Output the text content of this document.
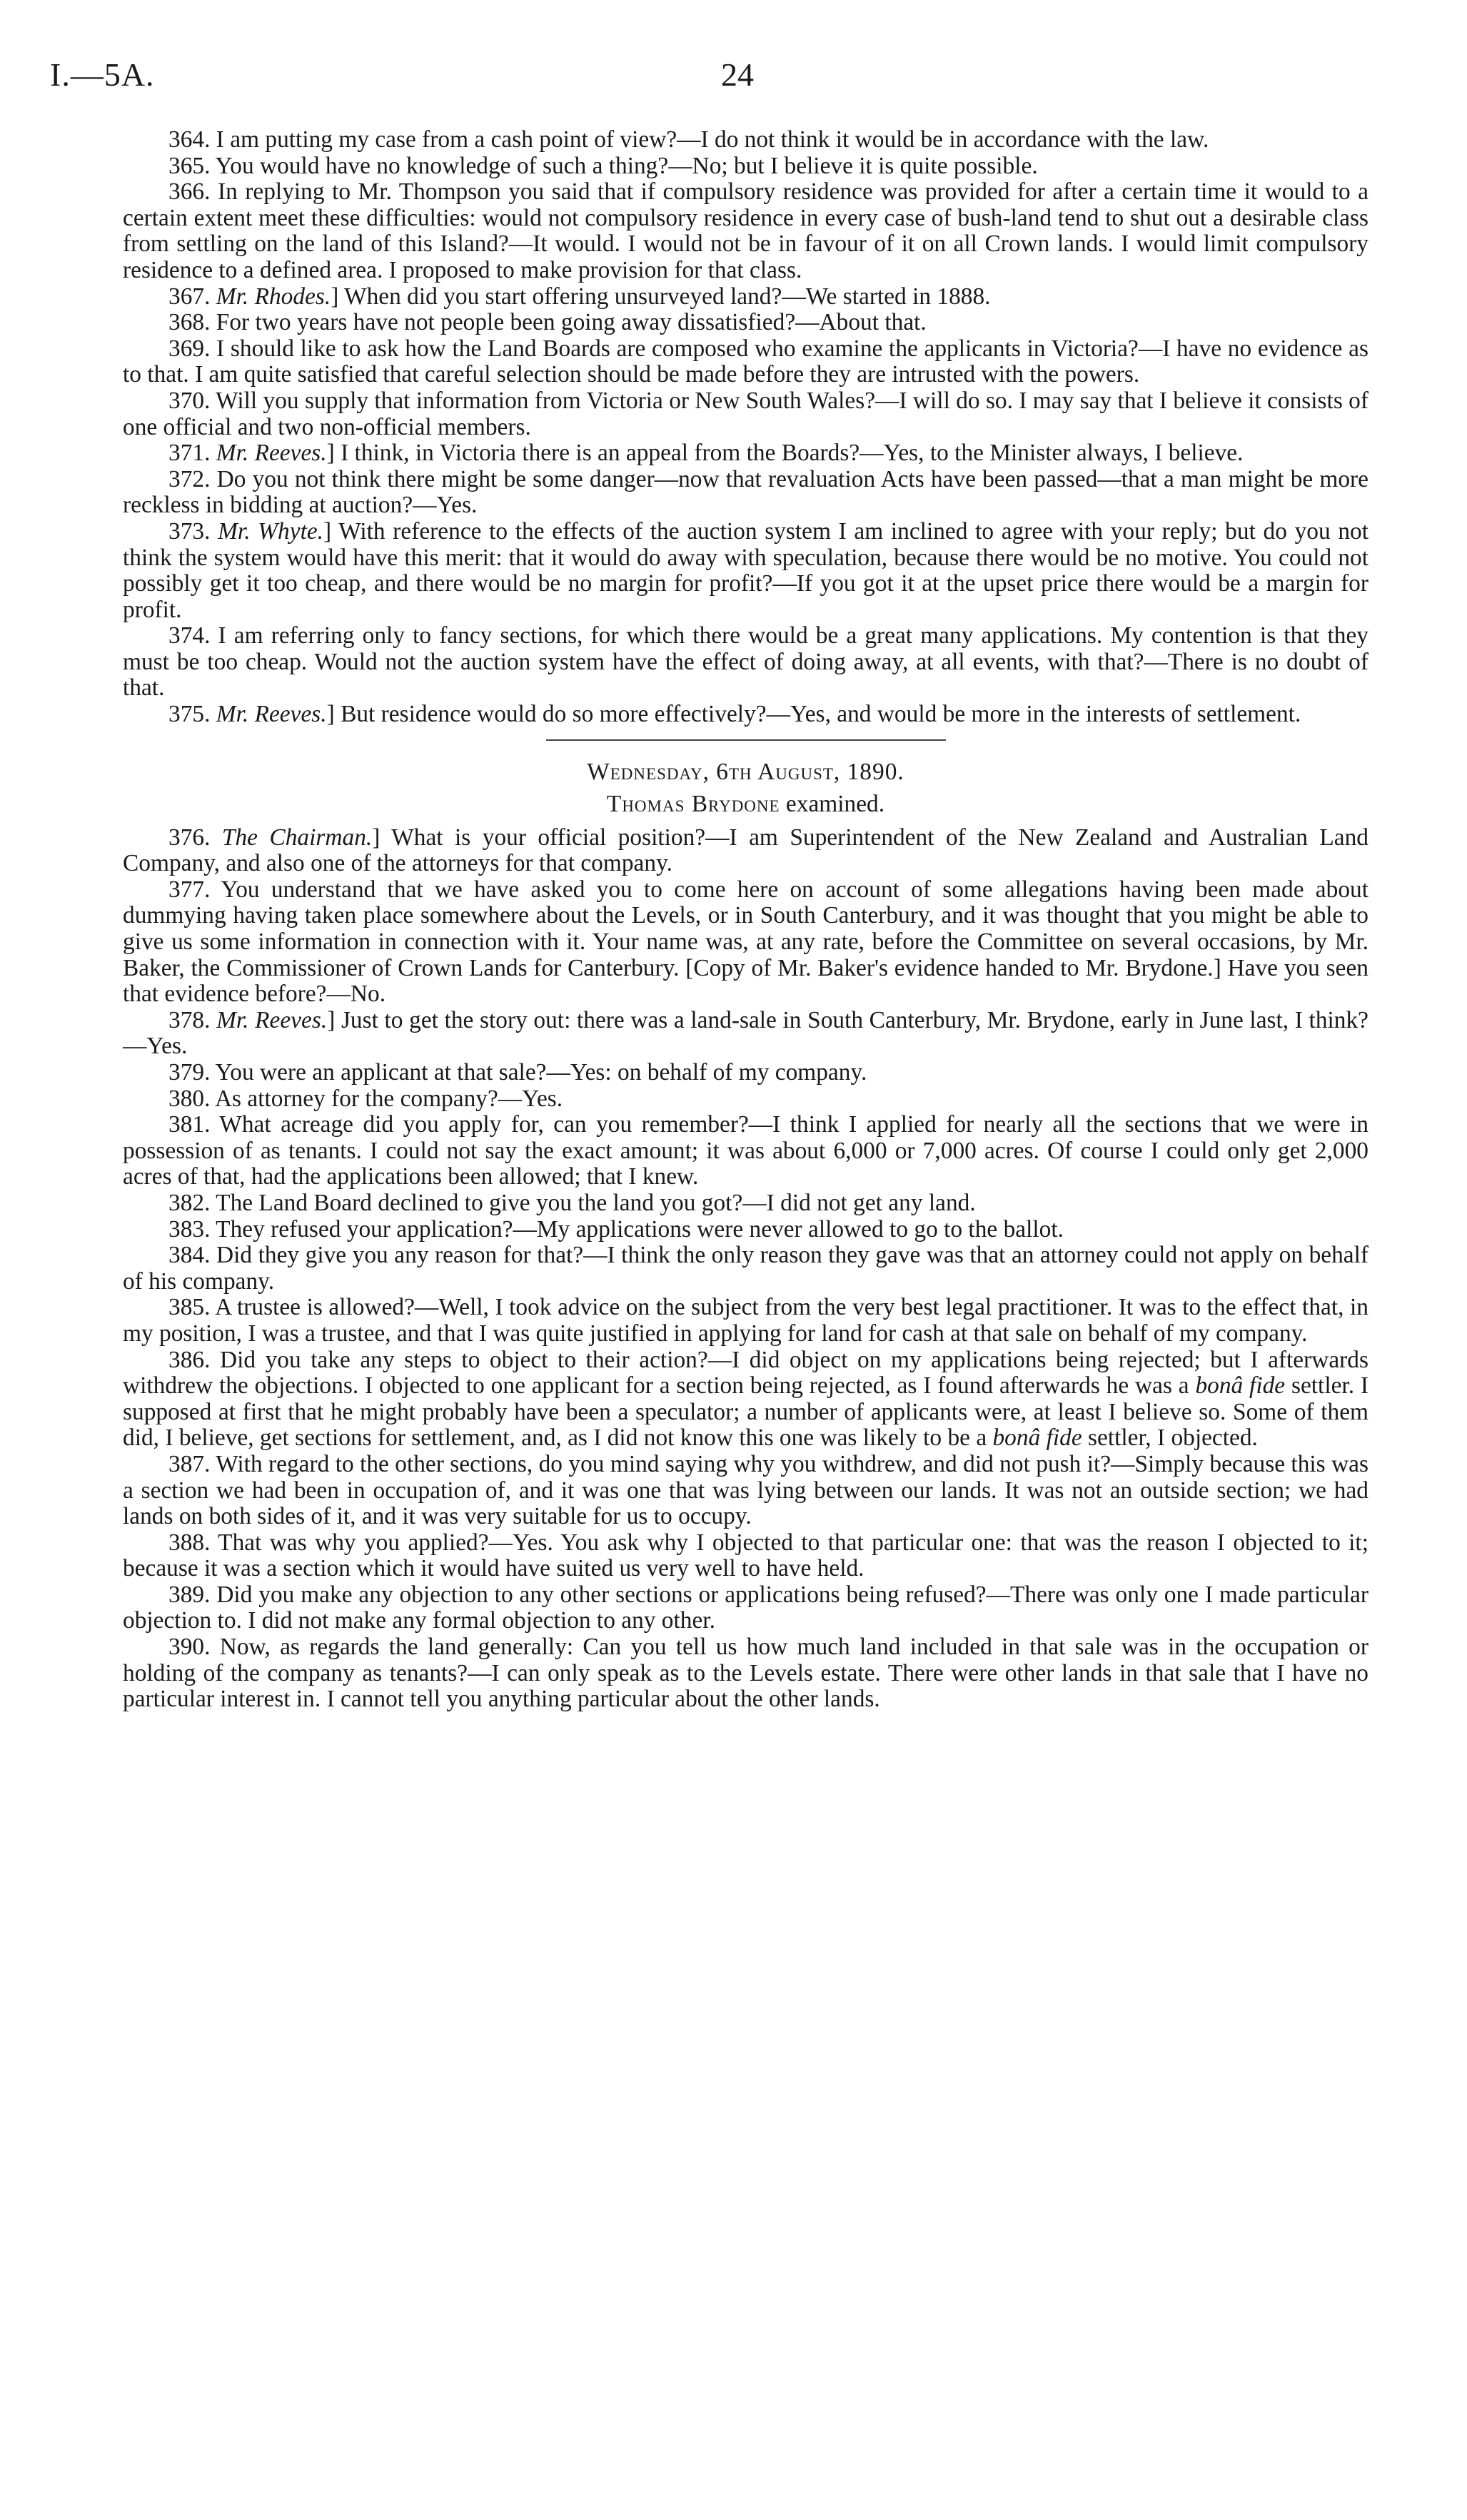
I.—5A.	24

364. I am putting my case from a cash point of view?—I do not think it would be in accordance with the law.

365. You would have no knowledge of such a thing?—No; but I believe it is quite possible.

366. In replying to Mr. Thompson you said that if compulsory residence was provided for after a certain time it would to a certain extent meet these difficulties: would not compulsory residence in every case of bush-land tend to shut out a desirable class from settling on the land of this Island?—It would. I would not be in favour of it on all Crown lands. I would limit compulsory residence to a defined area. I proposed to make provision for that class.

367. Mr. Rhodes.] When did you start offering unsurveyed land?—We started in 1888.

368. For two years have not people been going away dissatisfied?—About that.

369. I should like to ask how the Land Boards are composed who examine the applicants in Victoria?—I have no evidence as to that. I am quite satisfied that careful selection should be made before they are intrusted with the powers.

370. Will you supply that information from Victoria or New South Wales?—I will do so. I may say that I believe it consists of one official and two non-official members.

371. Mr. Reeves.] I think, in Victoria there is an appeal from the Boards?—Yes, to the Minister always, I believe.

372. Do you not think there might be some danger—now that revaluation Acts have been passed—that a man might be more reckless in bidding at auction?—Yes.

373. Mr. Whyte.] With reference to the effects of the auction system I am inclined to agree with your reply; but do you not think the system would have this merit: that it would do away with speculation, because there would be no motive. You could not possibly get it too cheap, and there would be no margin for profit?—If you got it at the upset price there would be a margin for profit.

374. I am referring only to fancy sections, for which there would be a great many applications. My contention is that they must be too cheap. Would not the auction system have the effect of doing away, at all events, with that?—There is no doubt of that.

375. Mr. Reeves.] But residence would do so more effectively?—Yes, and would be more in the interests of settlement.

Wednesday, 6th August, 1890.

Thomas Brydone examined.

376. The Chairman.] What is your official position?—I am Superintendent of the New Zealand and Australian Land Company, and also one of the attorneys for that company.

377. You understand that we have asked you to come here on account of some allegations having been made about dummying having taken place somewhere about the Levels, or in South Canterbury, and it was thought that you might be able to give us some information in connection with it. Your name was, at any rate, before the Committee on several occasions, by Mr. Baker, the Commissioner of Crown Lands for Canterbury. [Copy of Mr. Baker's evidence handed to Mr. Brydone.] Have you seen that evidence before?—No.

378. Mr. Reeves.] Just to get the story out: there was a land-sale in South Canterbury, Mr. Brydone, early in June last, I think?—Yes.

379. You were an applicant at that sale?—Yes: on behalf of my company.

380. As attorney for the company?—Yes.

381. What acreage did you apply for, can you remember?—I think I applied for nearly all the sections that we were in possession of as tenants. I could not say the exact amount; it was about 6,000 or 7,000 acres. Of course I could only get 2,000 acres of that, had the applications been allowed; that I knew.

382. The Land Board declined to give you the land you got?—I did not get any land.

383. They refused your application?—My applications were never allowed to go to the ballot.

384. Did they give you any reason for that?—I think the only reason they gave was that an attorney could not apply on behalf of his company.

385. A trustee is allowed?—Well, I took advice on the subject from the very best legal practitioner. It was to the effect that, in my position, I was a trustee, and that I was quite justified in applying for land for cash at that sale on behalf of my company.

386. Did you take any steps to object to their action?—I did object on my applications being rejected; but I afterwards withdrew the objections. I objected to one applicant for a section being rejected, as I found afterwards he was a bonâ fide settler. I supposed at first that he might probably have been a speculator; a number of applicants were, at least I believe so. Some of them did, I believe, get sections for settlement, and, as I did not know this one was likely to be a bonâ fide settler, I objected.

387. With regard to the other sections, do you mind saying why you withdrew, and did not push it?—Simply because this was a section we had been in occupation of, and it was one that was lying between our lands. It was not an outside section; we had lands on both sides of it, and it was very suitable for us to occupy.

388. That was why you applied?—Yes. You ask why I objected to that particular one: that was the reason I objected to it; because it was a section which it would have suited us very well to have held.

389. Did you make any objection to any other sections or applications being refused?—There was only one I made particular objection to. I did not make any formal objection to any other.

390. Now, as regards the land generally: Can you tell us how much land included in that sale was in the occupation or holding of the company as tenants?—I can only speak as to the Levels estate. There were other lands in that sale that I have no particular interest in. I cannot tell you anything particular about the other lands.
